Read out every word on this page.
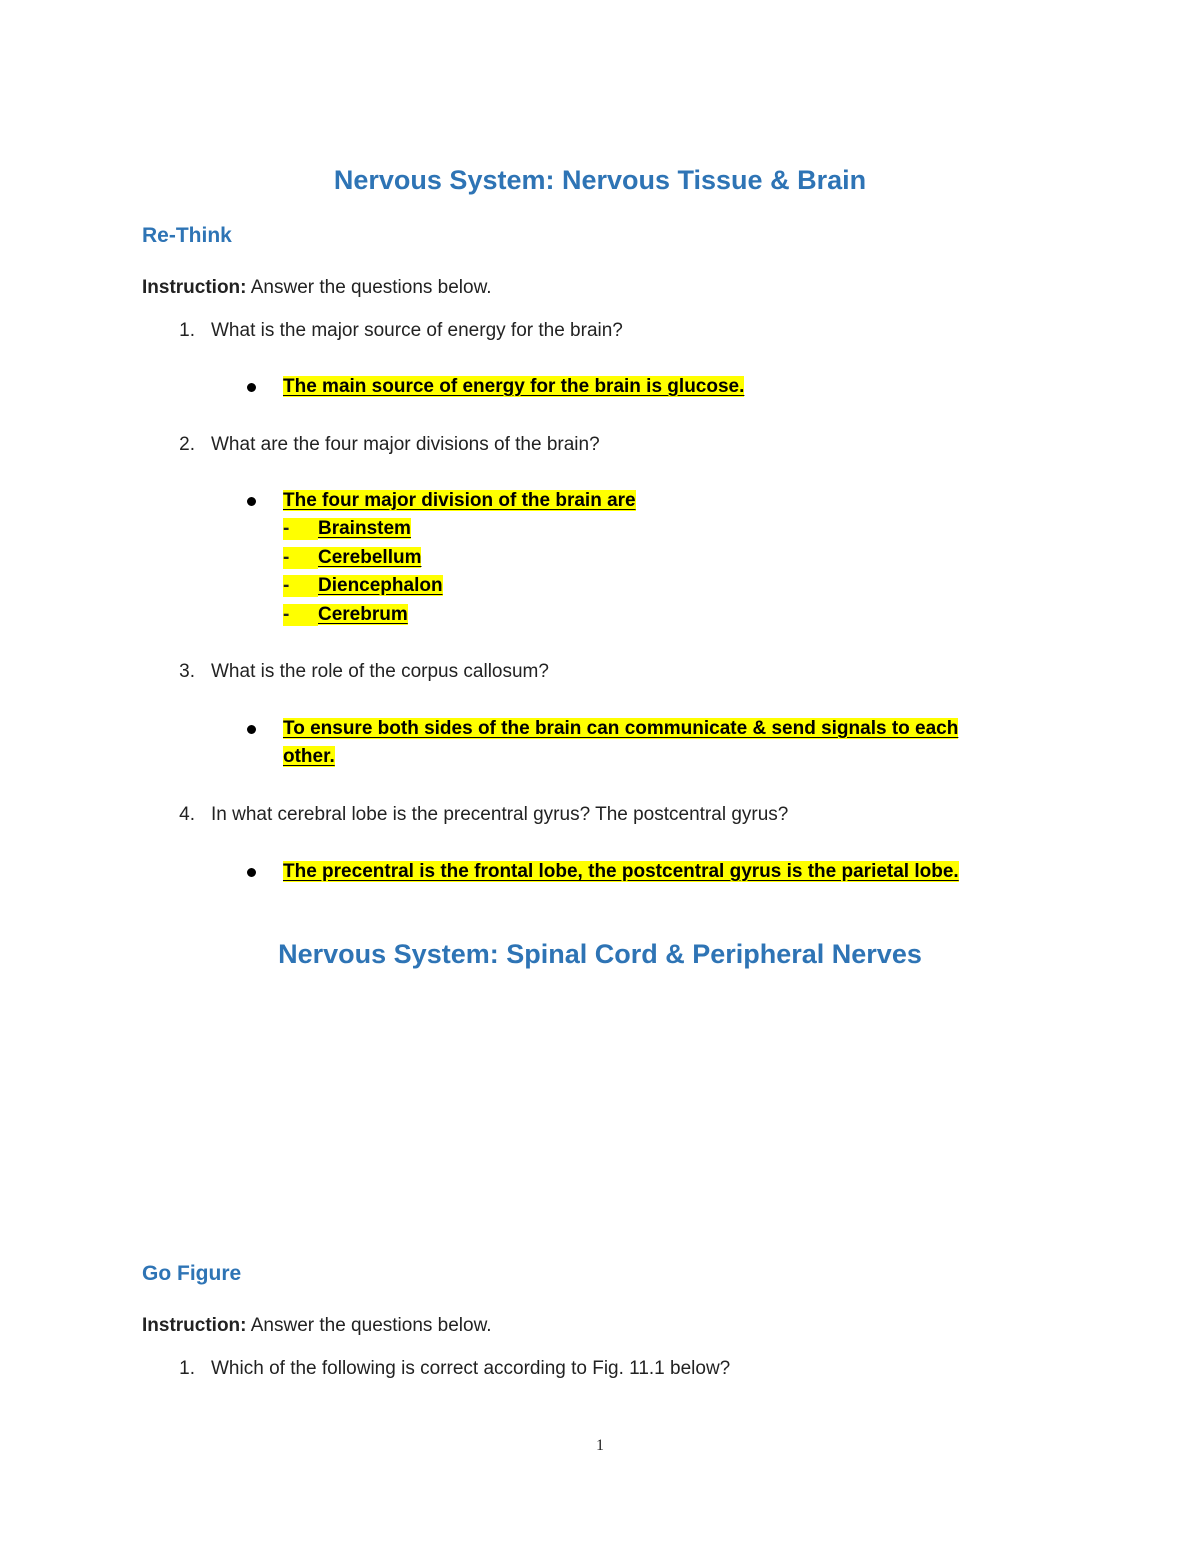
Nervous System: Nervous Tissue & Brain
Re-Think
Instruction: Answer the questions below.
1. What is the major source of energy for the brain?
The main source of energy for the brain is glucose.
2. What are the four major divisions of the brain?
The four major division of the brain are
-	Brainstem
-	Cerebellum
-	Diencephalon
-	Cerebrum
3. What is the role of the corpus callosum?
To ensure both sides of the brain can communicate & send signals to each
other.
4. In what cerebral lobe is the precentral gyrus? The postcentral gyrus?
The precentral is the frontal lobe, the postcentral gyrus is the parietal lobe.
Nervous System: Spinal Cord & Peripheral Nerves
Go Figure
Instruction: Answer the questions below.
1. Which of the following is correct according to Fig. 11.1 below?
1
